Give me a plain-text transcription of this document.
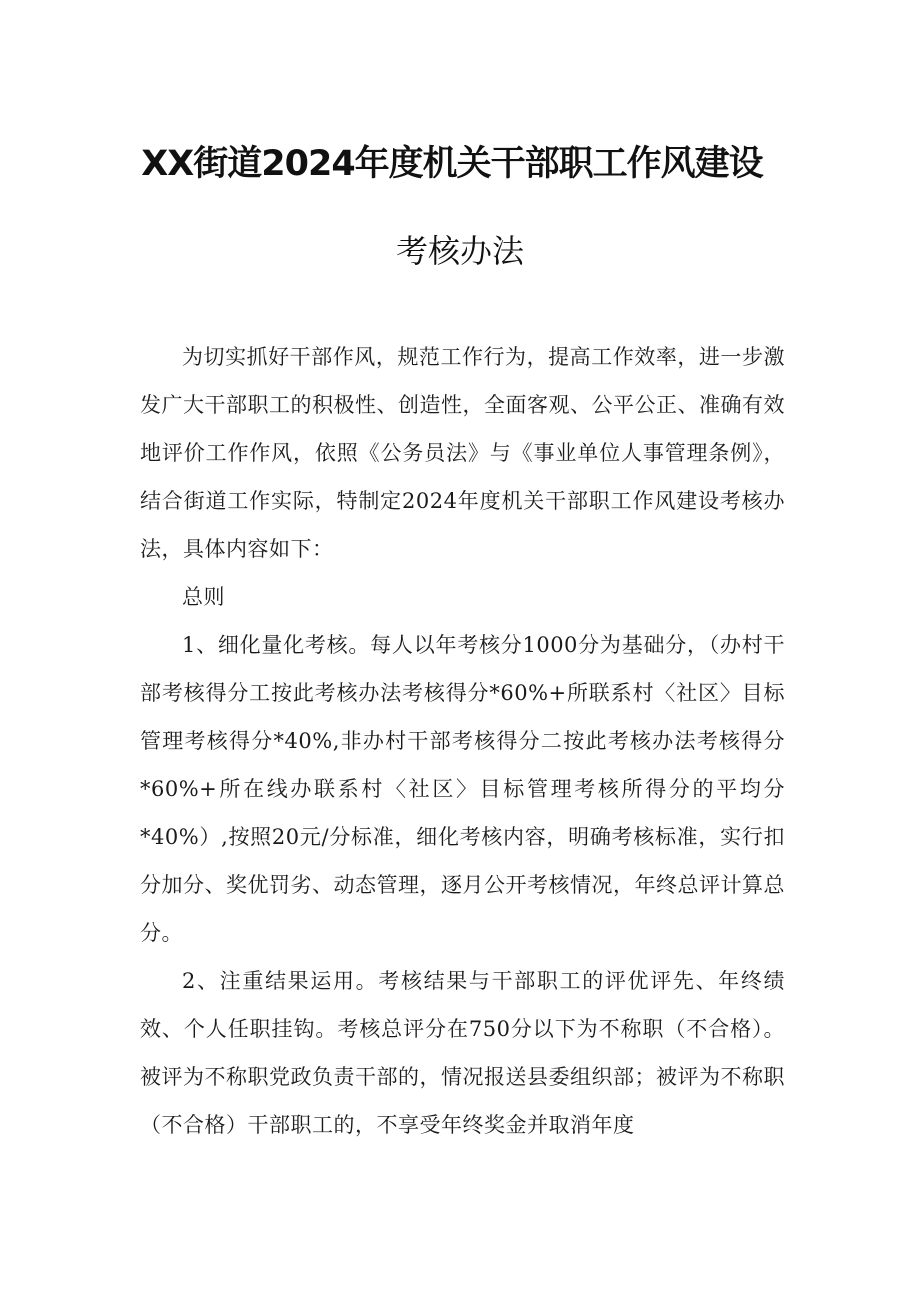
XX街道2024年度机关干部职工作风建设
考核办法

为切实抓好干部作风，规范工作行为，提高工作效率，进一步激发广大干部职工的积极性、创造性，全面客观、公平公正、准确有效地评价工作作风，依照《公务员法》与《事业单位人事管理条例》，结合街道工作实际，特制定2024年度机关干部职工作风建设考核办法，具体内容如下：

总则

1、细化量化考核。每人以年考核分1000分为基础分，（办村干部考核得分工按此考核办法考核得分*60%+所联系村〈社区〉目标管理考核得分*40%,非办村干部考核得分二按此考核办法考核得分*60%+所在线办联系村〈社区〉目标管理考核所得分的平均分*40%）,按照20元/分标准，细化考核内容，明确考核标准，实行扣分加分、奖优罚劣、动态管理，逐月公开考核情况，年终总评计算总分。

2、注重结果运用。考核结果与干部职工的评优评先、年终绩效、个人任职挂钩。考核总评分在750分以下为不称职（不合格）。被评为不称职党政负责干部的，情况报送县委组织部；被评为不称职（不合格）干部职工的，不享受年终奖金并取消年度
